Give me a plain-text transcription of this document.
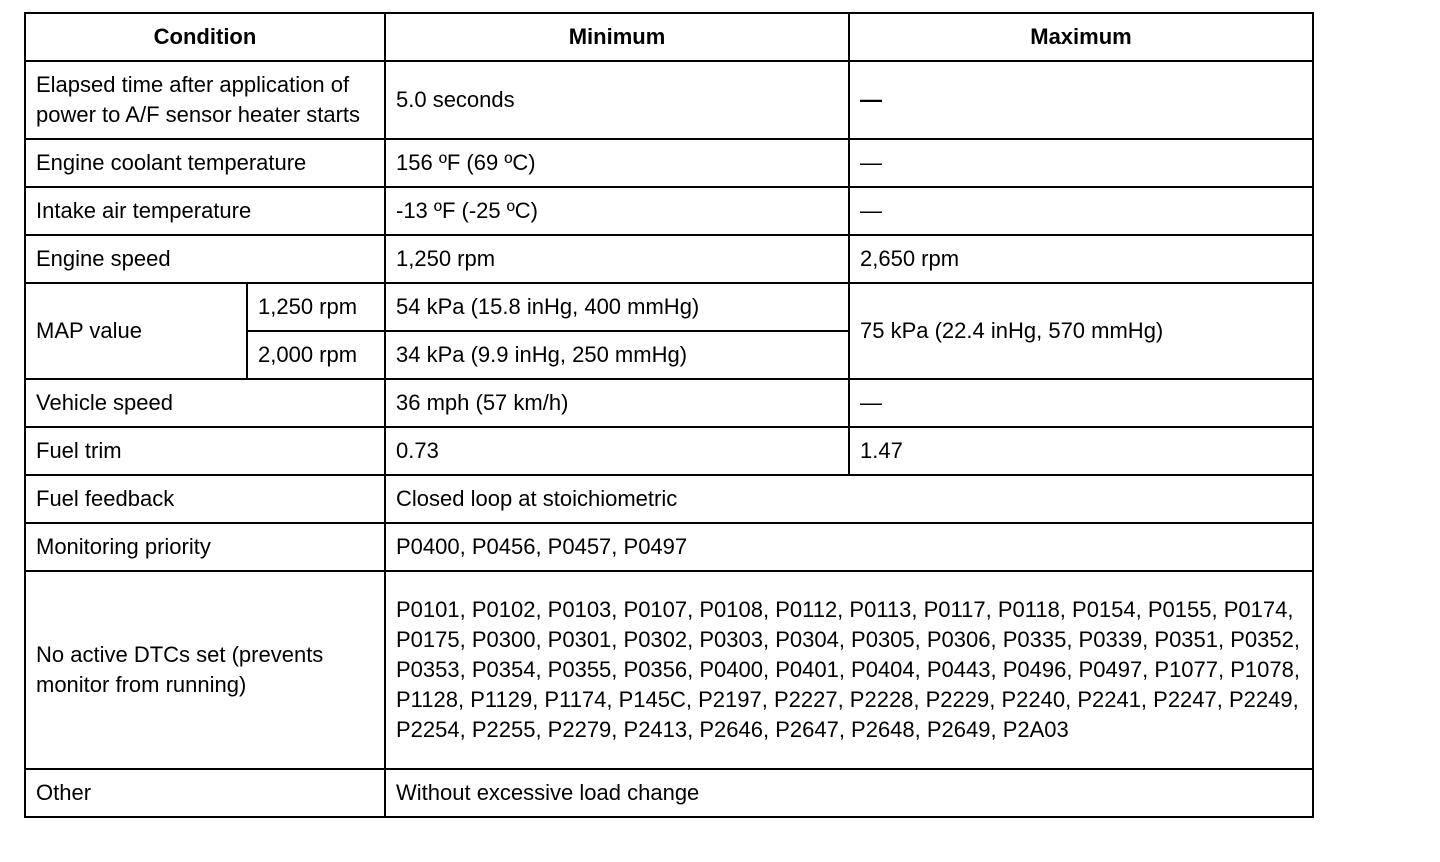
Condition		Minimum	Maximum
Elapsed time after application of power to A/F sensor heater starts		5.0 seconds	—
Engine coolant temperature		156 ºF (69 ºC)	—
Intake air temperature		-13 ºF (-25 ºC)	—
Engine speed		1,250 rpm	2,650 rpm
MAP value	1,250 rpm	54 kPa (15.8 inHg, 400 mmHg)	75 kPa (22.4 inHg, 570 mmHg)
	2,000 rpm	34 kPa (9.9 inHg, 250 mmHg)	
Vehicle speed		36 mph (57 km/h)	—
Fuel trim		0.73	1.47
Fuel feedback		Closed loop at stoichiometric	
Monitoring priority		P0400, P0456, P0457, P0497	
No active DTCs set (prevents monitor from running)		P0101, P0102, P0103, P0107, P0108, P0112, P0113, P0117, P0118, P0154, P0155, P0174, P0175, P0300, P0301, P0302, P0303, P0304, P0305, P0306, P0335, P0339, P0351, P0352, P0353, P0354, P0355, P0356, P0400, P0401, P0404, P0443, P0496, P0497, P1077, P1078, P1128, P1129, P1174, P145C, P2197, P2227, P2228, P2229, P2240, P2241, P2247, P2249, P2254, P2255, P2279, P2413, P2646, P2647, P2648, P2649, P2A03	
Other		Without excessive load change	
